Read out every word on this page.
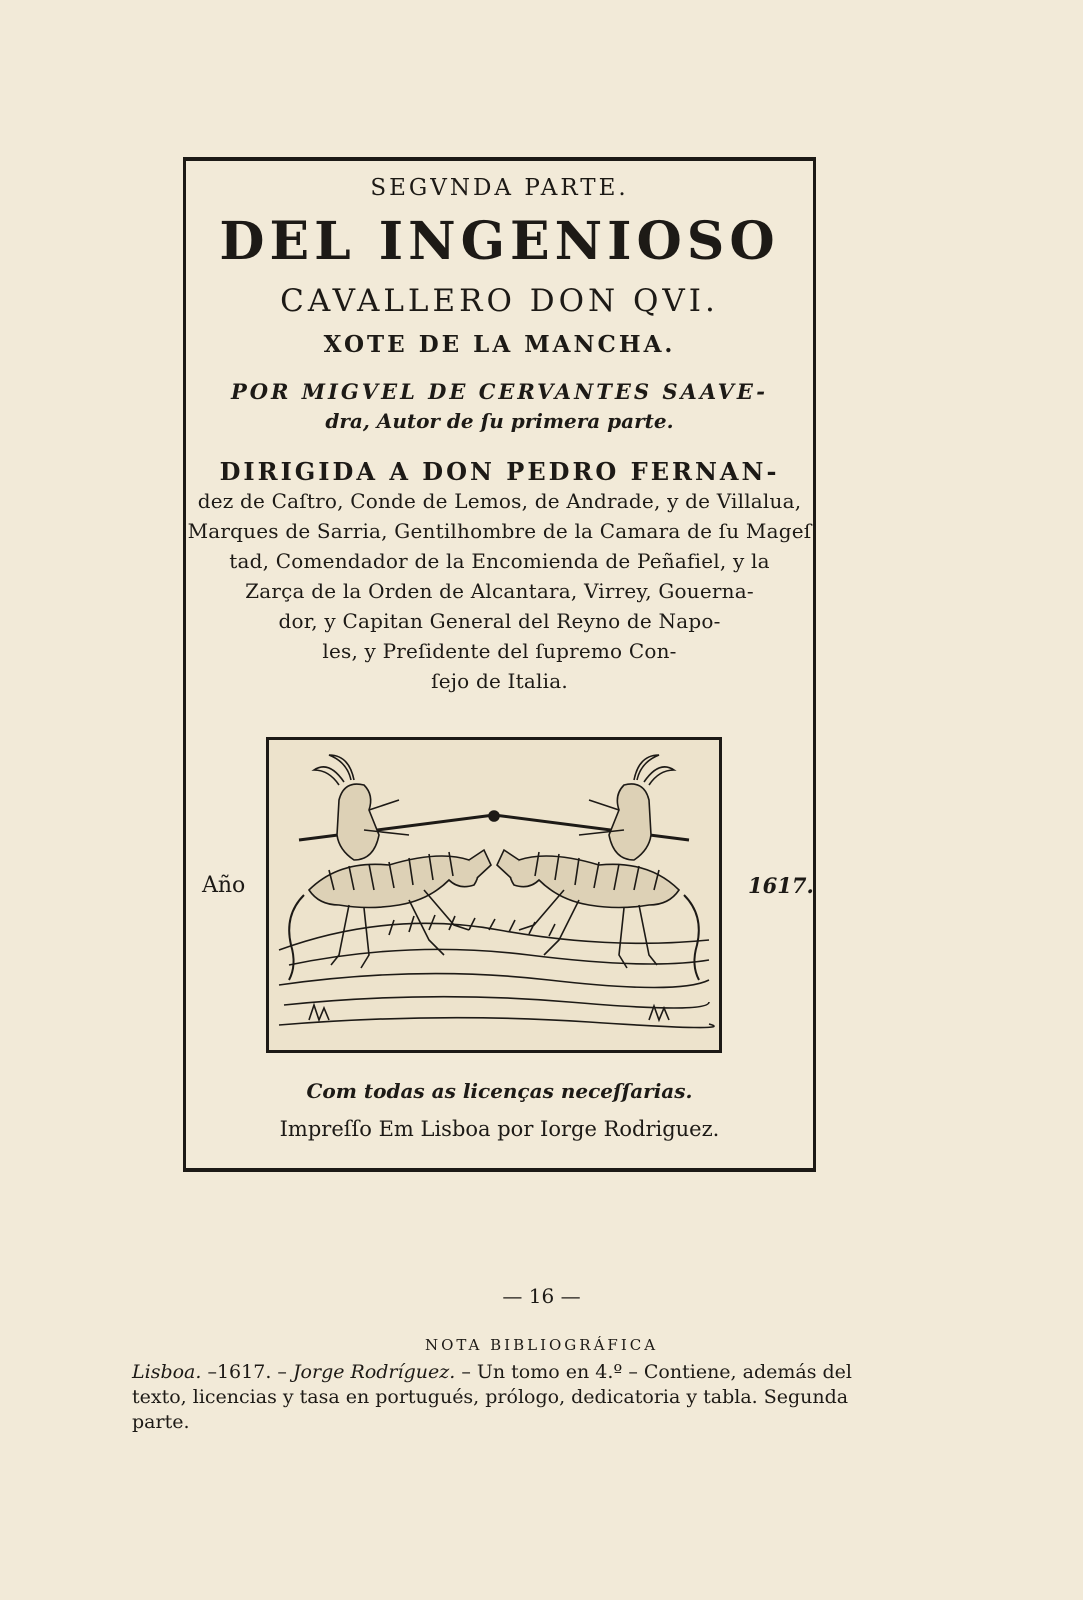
SEGVNDA PARTE.
DEL INGENIOSO
CAVALLERO DON QVI.
XOTE DE LA MANCHA.
POR MIGVEL DE CERVANTES SAAVE-
dra, Autor de ſu primera parte.
DIRIGIDA A DON PEDRO FERNAN-
dez de Caſtro, Conde de Lemos, de Andrade, y de Villalua,
Marques de Sarria, Gentilhombre de la Camara de ſu Mageſ
tad, Comendador de la Encomienda de Peñafiel, y la
Zarça de la Orden de Alcantara, Virrey, Gouerna-
dor, y Capitan General del Reyno de Napo-
les, y Preſidente del ſupremo Con-
ſejo de Italia.
Año	1617.
Com todas as licenças neceſſarias.
Impreſſo Em Lisboa por Iorge Rodriguez.
— 16 —
NOTA BIBLIOGRÁFICA
Lisboa. –1617. – Jorge Rodríguez. – Un tomo en 4.º – Contiene, además del texto, licencias y tasa en portugués, prólogo, dedicatoria y tabla. Segunda parte.
